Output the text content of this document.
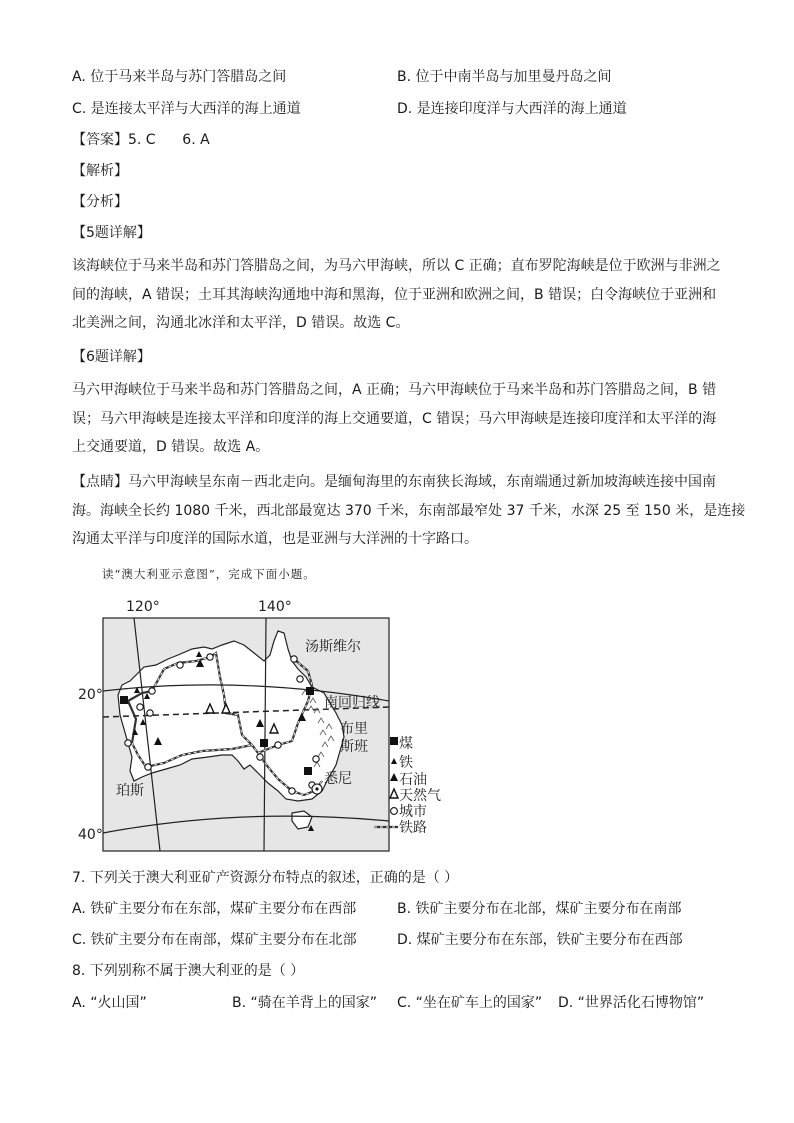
A. 位于马来半岛与苏门答腊岛之间	B. 位于中南半岛与加里曼丹岛之间
C. 是连接太平洋与大西洋的海上通道	D. 是连接印度洋与大西洋的海上通道
【答案】5. C      6. A
【解析】
【分析】
【5题详解】
该海峡位于马来半岛和苏门答腊岛之间，为马六甲海峡，所以 C 正确；直布罗陀海峡是位于欧洲与非洲之
间的海峡，A 错误；土耳其海峡沟通地中海和黑海，位于亚洲和欧洲之间，B 错误；白令海峡位于亚洲和
北美洲之间，沟通北冰洋和太平洋，D 错误。故选 C。
【6题详解】
马六甲海峡位于马来半岛和苏门答腊岛之间，A 正确；马六甲海峡位于马来半岛和苏门答腊岛之间，B 错
误；马六甲海峡是连接太平洋和印度洋的海上交通要道，C 错误；马六甲海峡是连接印度洋和太平洋的海
上交通要道，D 错误。故选 A。
【点睛】马六甲海峡呈东南－西北走向。是缅甸海里的东南狭长海域，东南端通过新加坡海峡连接中国南
海。海峡全长约 1080 千米，西北部最宽达 370 千米，东南部最窄处 37 千米，水深 25 至 150 米，是连接
沟通太平洋与印度洋的国际水道，也是亚洲与大洋洲的十字路口。
读“澳大利亚示意图”，完成下面小题。
120°	140°
20°
40°
汤斯维尔
南回归线
布里
斯班
珀斯
悉尼
煤
铁
石油
天然气
城市
铁路
7. 下列关于澳大利亚矿产资源分布特点的叙述，正确的是（ ）
A. 铁矿主要分布在东部，煤矿主要分布在西部	B. 铁矿主要分布在北部，煤矿主要分布在南部
C. 铁矿主要分布在南部，煤矿主要分布在北部	D. 煤矿主要分布在东部，铁矿主要分布在西部
8. 下列别称不属于澳大利亚的是（ ）
A. “火山国”	B. “骑在羊背上的国家” C. “坐在矿车上的国家” D. “世界活化石博物馆”
